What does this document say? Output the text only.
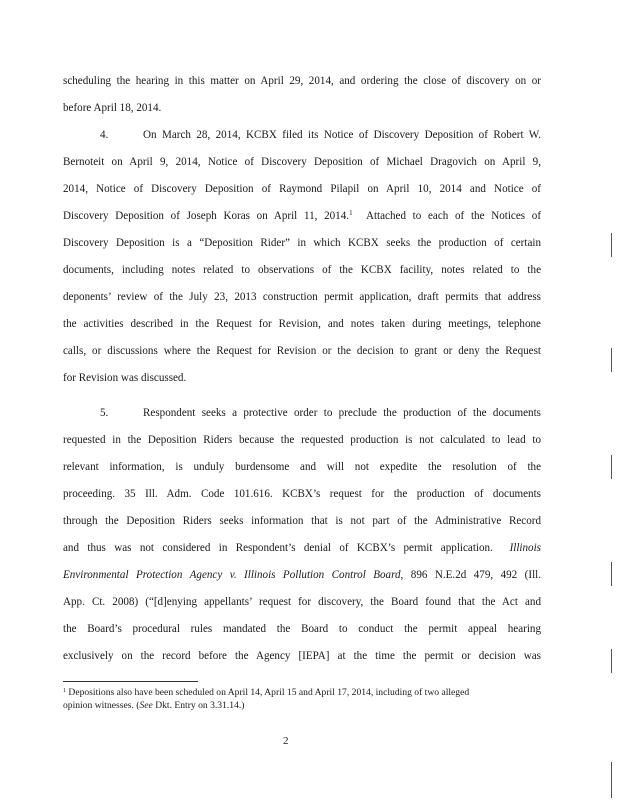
scheduling the hearing in this matter on April 29, 2014, and ordering the close of discovery on or
before April 18, 2014.
4.	On March 28, 2014, KCBX filed its Notice of Discovery Deposition of Robert W.
Bernoteit on April 9, 2014, Notice of Discovery Deposition of Michael Dragovich on April 9,
2014, Notice of Discovery Deposition of Raymond Pilapil on April 10, 2014 and Notice of
Discovery Deposition of Joseph Koras on April 11, 2014.$^1$ Attached to each of the Notices of
Discovery Deposition is a “Deposition Rider” in which KCBX seeks the production of certain
documents, including notes related to observations of the KCBX facility, notes related to the
deponents’ review of the July 23, 2013 construction permit application, draft permits that address
the activities described in the Request for Revision, and notes taken during meetings, telephone
calls, or discussions where the Request for Revision or the decision to grant or deny the Request
for Revision was discussed.
5.	Respondent seeks a protective order to preclude the production of the documents
requested in the Deposition Riders because the requested production is not calculated to lead to
relevant information, is unduly burdensome and will not expedite the resolution of the
proceeding. 35 Ill. Adm. Code 101.616. KCBX’s request for the production of documents
through the Deposition Riders seeks information that is not part of the Administrative Record
and thus was not considered in Respondent’s denial of KCBX’s permit application. Illinois
Environmental Protection Agency v. Illinois Pollution Control Board, 896 N.E.2d 479, 492 (Ill.
App. Ct. 2008) (“[d]enying appellants’ request for discovery, the Board found that the Act and
the Board’s procedural rules mandated the Board to conduct the permit appeal hearing
exclusively on the record before the Agency [IEPA] at the time the permit or decision was
$^1$ Depositions also have been scheduled on April 14, April 15 and April 17, 2014, including of two alleged
opinion witnesses. (See Dkt. Entry on 3.31.14.)
2
